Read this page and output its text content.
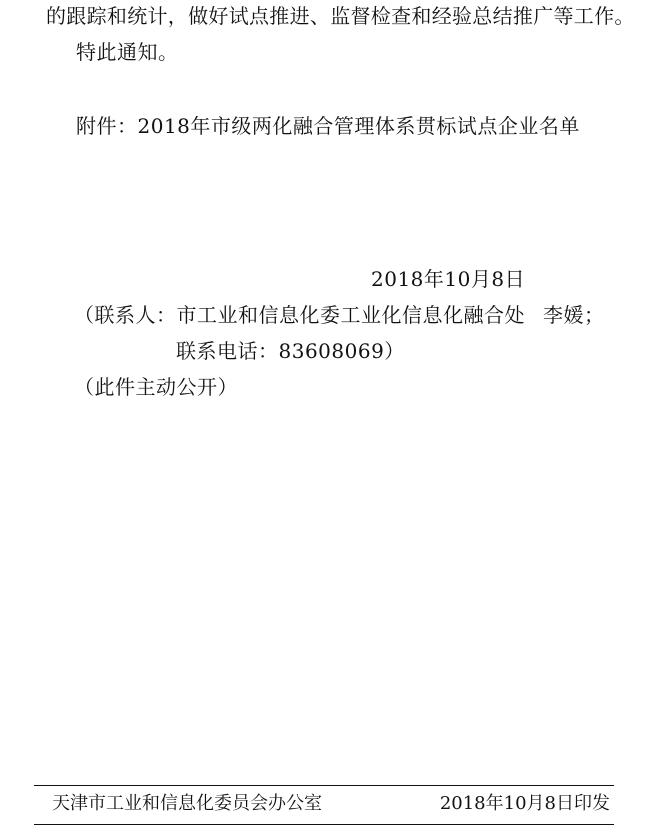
的跟踪和统计，做好试点推进、监督检查和经验总结推广等工作。
特此通知。
附件：2018年市级两化融合管理体系贯标试点企业名单
2018年10月8日
（联系人：市工业和信息化委工业化信息化融合处 李媛；
联系电话：83608069）
（此件主动公开）
天津市工业和信息化委员会办公室	2018年10月8日印发
